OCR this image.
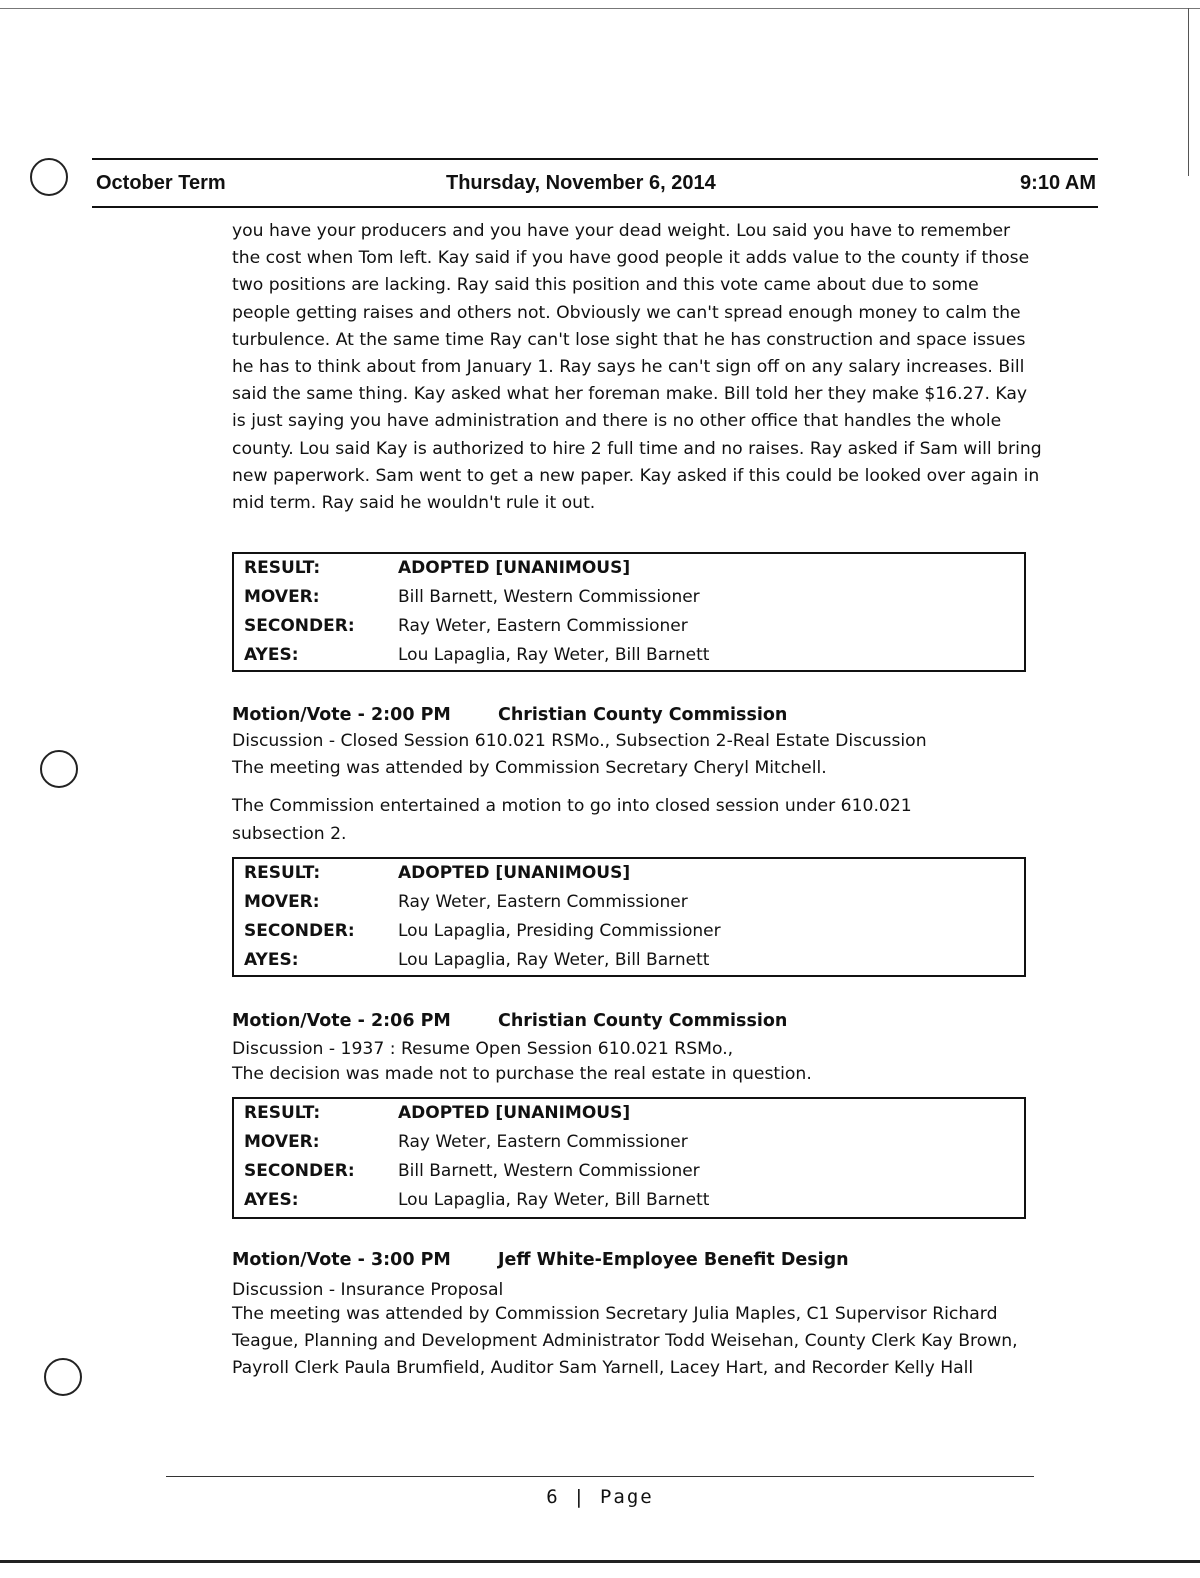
October Term	Thursday, November 6, 2014	9:10 AM
you have your producers and you have your dead weight. Lou said you have to remember the cost when Tom left. Kay said if you have good people it adds value to the county if those two positions are lacking. Ray said this position and this vote came about due to some people getting raises and others not. Obviously we can't spread enough money to calm the turbulence. At the same time Ray can't lose sight that he has construction and space issues he has to think about from January 1. Ray says he can't sign off on any salary increases. Bill said the same thing. Kay asked what her foreman make. Bill told her they make $16.27. Kay is just saying you have administration and there is no other office that handles the whole county. Lou said Kay is authorized to hire 2 full time and no raises. Ray asked if Sam will bring new paperwork. Sam went to get a new paper. Kay asked if this could be looked over again in mid term. Ray said he wouldn't rule it out.
RESULT:	ADOPTED [UNANIMOUS]
MOVER:	Bill Barnett, Western Commissioner
SECONDER:	Ray Weter, Eastern Commissioner
AYES:	Lou Lapaglia, Ray Weter, Bill Barnett
Motion/Vote - 2:00 PM	Christian County Commission
Discussion - Closed Session 610.021 RSMo., Subsection 2-Real Estate Discussion
The meeting was attended by Commission Secretary Cheryl Mitchell.
The Commission entertained a motion to go into closed session under 610.021
subsection 2.
RESULT:	ADOPTED [UNANIMOUS]
MOVER:	Ray Weter, Eastern Commissioner
SECONDER:	Lou Lapaglia, Presiding Commissioner
AYES:	Lou Lapaglia, Ray Weter, Bill Barnett
Motion/Vote - 2:06 PM	Christian County Commission
Discussion - 1937 : Resume Open Session 610.021 RSMo.,
The decision was made not to purchase the real estate in question.
RESULT:	ADOPTED [UNANIMOUS]
MOVER:	Ray Weter, Eastern Commissioner
SECONDER:	Bill Barnett, Western Commissioner
AYES:	Lou Lapaglia, Ray Weter, Bill Barnett
Motion/Vote - 3:00 PM	Jeff White-Employee Benefit Design
Discussion - Insurance Proposal
The meeting was attended by Commission Secretary Julia Maples, C1 Supervisor Richard Teague, Planning and Development Administrator Todd Weisehan, County Clerk Kay Brown, Payroll Clerk Paula Brumfield, Auditor Sam Yarnell, Lacey Hart, and Recorder Kelly Hall
6 | Page
